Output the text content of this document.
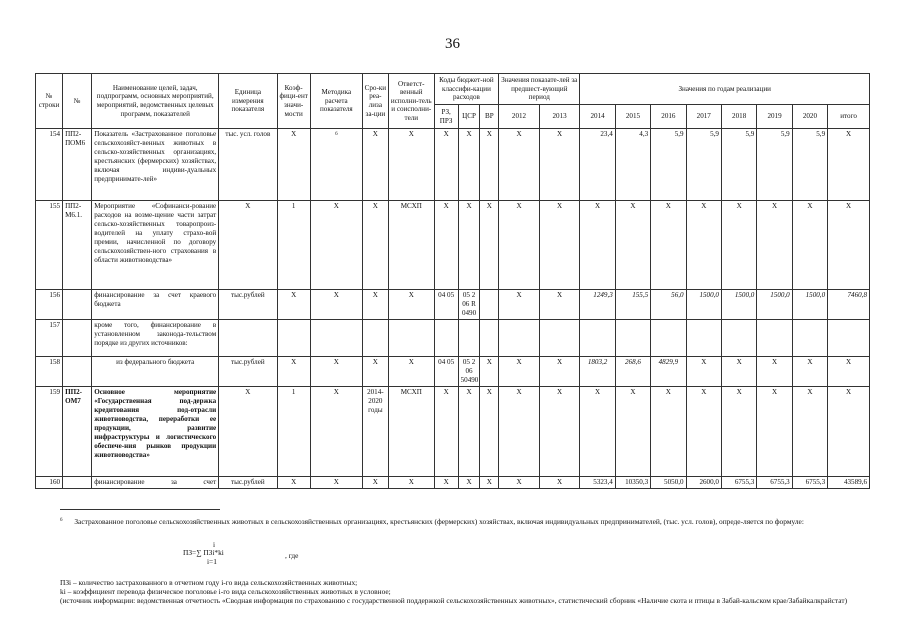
36
№ строки	№	Наименование целей, задач, подпрограмм, основных мероприятий, мероприятий, ведомственных целевых программ, показателей	Единица измерения показателя	Коэф-фици-ент значи-мости	Методика расчета показателя	Сро-ки реа-лиза за-ции	Ответст-венный исполни-тель и соисполни-тели	Коды бюджет-ной классифи-кации расходов			Значения показате-лей за предшест-вующий период		Значения по годам реализации							
								РЗ, ПРЗ	ЦСР	ВР	2012	2013	2014	2015	2016	2017	2018	2019	2020	итого
154	ПП2-ПОМ6	Показатель «Застрахованное поголовье сельскохозяйст-венных животных в сельско-хозяйственных организациях, крестьянских (фермерских) хозяйствах, включая индиви-дуальных предпринимате-лей»	тыс. усл. голов	Х	6	Х	Х	Х	Х	Х	Х	Х	23,4	4,3	5,9	5,9	5,9	5,9	5,9	Х
155	ПП2-М6.1.	Мероприятие «Софинанси-рование расходов на возме-щение части затрат сельско-хозяйственных товаропроиз-водителей на уплату страхо-вой премии, начисленной по договору сельскохозяйствен-ного страхования в области животноводства»	Х	1	Х	Х	МСХП	Х	Х	Х	Х	Х	Х	Х	Х	Х	Х	Х	Х	Х
156		финансирование за счет краевого бюджета	тыс.рублей	Х	Х	Х	Х	04 05	05 2 06 R 0490		Х	Х	1249,3	155,5	56,0	1500,0	1500,0	1500,0	1500,0	7460,8
157		кроме того, финансирование в установленном законода-тельством порядке из других источников:																		
158		из федерального бюджета	тыс.рублей	Х	Х	Х	Х	04 05	05 2 06 50490	Х	Х	Х	1803,2	268,6	4829,9	Х	Х	Х	Х	Х
159	ПП2-ОМ7	Основное мероприятие «Государственная под-держка кредитования под-отрасли животноводства, переработки ее продукции, развитие инфраструктуры и логистического обеспече-ния рынков продукции животноводства»	Х	1	Х	2014-2020 годы	МСХП	Х	Х	Х	Х	Х	Х	Х	Х	Х	Х	Х	Х	Х
160		финансирование за счет	тыс.рублей	Х	Х	Х	Х	Х	Х	Х	Х	Х	5323,4	10350,3	5050,0	2600,0	6755,3	6755,3	6755,3	43589,6
$^6$ Застрахованное поголовье сельскохозяйственных животных в сельскохозяйственных организациях, крестьянских (фермерских) хозяйствах, включая индивидуальных предпринимателей, (тыс. усл. голов), опреде-ляется по формуле:
i
ПЗ=∑ ПЗi*ki
i=1
, где
ПЗi – количество застрахованного в отчетном году i-го вида сельскохозяйственных животных;
ki – коэффициент перевода физическое поголовье i-го вида сельскохозяйственных животных в условное;
(источник информации: ведомственная отчетность «Сводная информация по страхованию с государственной поддержкой сельскохозяйственных животных», статистический сборник «Наличие скота и птицы в Забай-кальском крае/Забайкалкрайстат)
